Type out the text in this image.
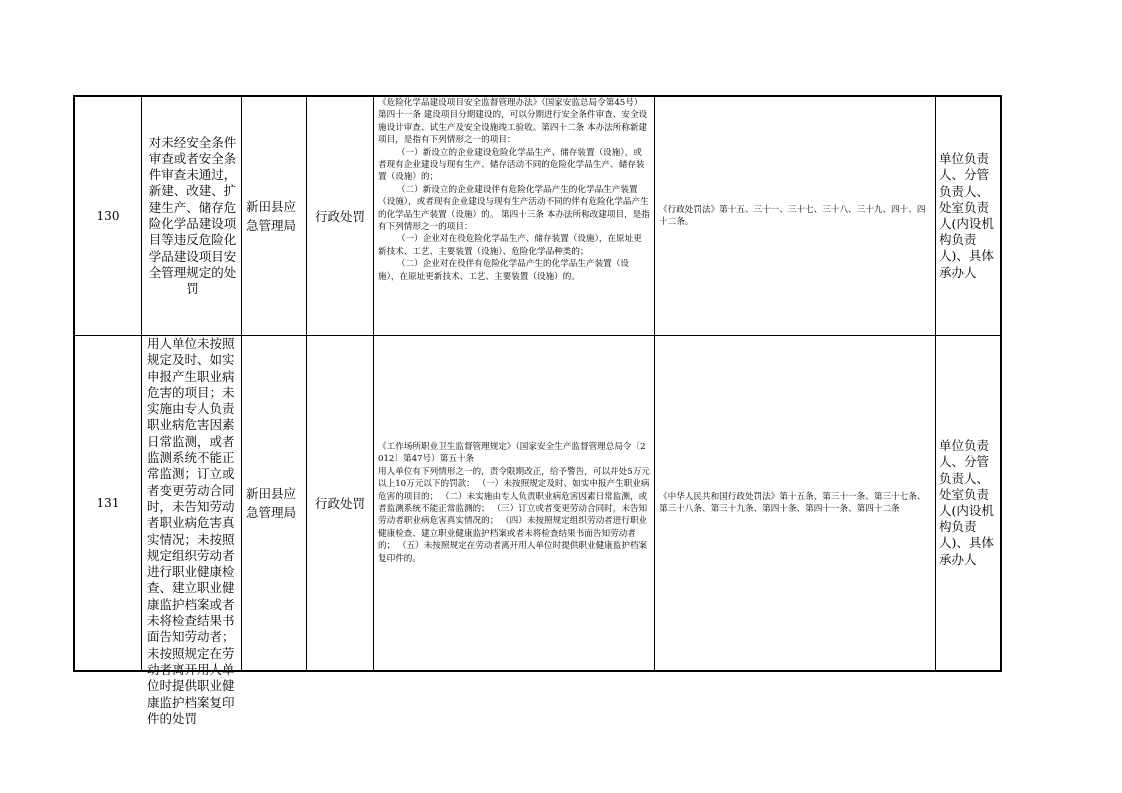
130	对未经安全条件审查或者安全条件审查未通过，新建、改建、扩建生产、储存危险化学品建设项目等违反危险化学品建设项目安全管理规定的处罚	新田县应急管理局	行政处罚	《危险化学品建设项目安全监督管理办法》（国家安监总局令第45号）第四十一条 建设项目分期建设的，可以分期进行安全条件审查、安全设施设计审查、试生产及安全设施竣工验收。第四十二条 本办法所称新建项目，是指有下列情形之一的项目：

（一）新设立的企业建设危险化学品生产、储存装置（设施），或者现有企业建设与现有生产、储存活动不同的危险化学品生产、储存装置（设施）的；

（二）新设立的企业建设伴有危险化学品产生的化学品生产装置（设施），或者现有企业建设与现有生产活动不同的伴有危险化学品产生的化学品生产装置（设施）的。 第四十三条 本办法所称改建项目，是指有下列情形之一的项目：

（一）企业对在役危险化学品生产、储存装置（设施），在原址更新技术、工艺、主要装置（设施）、危险化学品种类的；

（二）企业对在役伴有危险化学品产生的化学品生产装置（设施），在原址更新技术、工艺、主要装置（设施）的。	《行政处罚法》第十五、三十一、三十七、三十八、三十九、四十、四十二条。	单位负责人、分管负责人、处室负责人(内设机构负责人)、具体承办人

131	用人单位未按照规定及时、如实申报产生职业病危害的项目；未实施由专人负责职业病危害因素日常监测，或者监测系统不能正常监测；订立或者变更劳动合同时，未告知劳动者职业病危害真实情况；未按照规定组织劳动者进行职业健康检查、建立职业健康监护档案或者未将检查结果书面告知劳动者；未按照规定在劳动者离开用人单位时提供职业健康监护档案复印件的处罚	新田县应急管理局	行政处罚	《工作场所职业卫生监督管理规定》（国家安全生产监督管理总局令〔2012〕第47号）第五十条

用人单位有下列情形之一的，责令限期改正，给予警告，可以并处5万元以上10万元以下的罚款： （一）未按照规定及时、如实申报产生职业病危害的项目的； （二）未实施由专人负责职业病危害因素日常监测，或者监测系统不能正常监测的； （三）订立或者变更劳动合同时，未告知劳动者职业病危害真实情况的； （四）未按照规定组织劳动者进行职业健康检查、建立职业健康监护档案或者未将检查结果书面告知劳动者的； （五）未按照规定在劳动者离开用人单位时提供职业健康监护档案复印件的。	《中华人民共和国行政处罚法》第十五条、第三十一条、第三十七条、第三十八条、第三十九条、第四十条、第四十一条、第四十二条	单位负责人、分管负责人、处室负责人(内设机构负责人)、具体承办人
